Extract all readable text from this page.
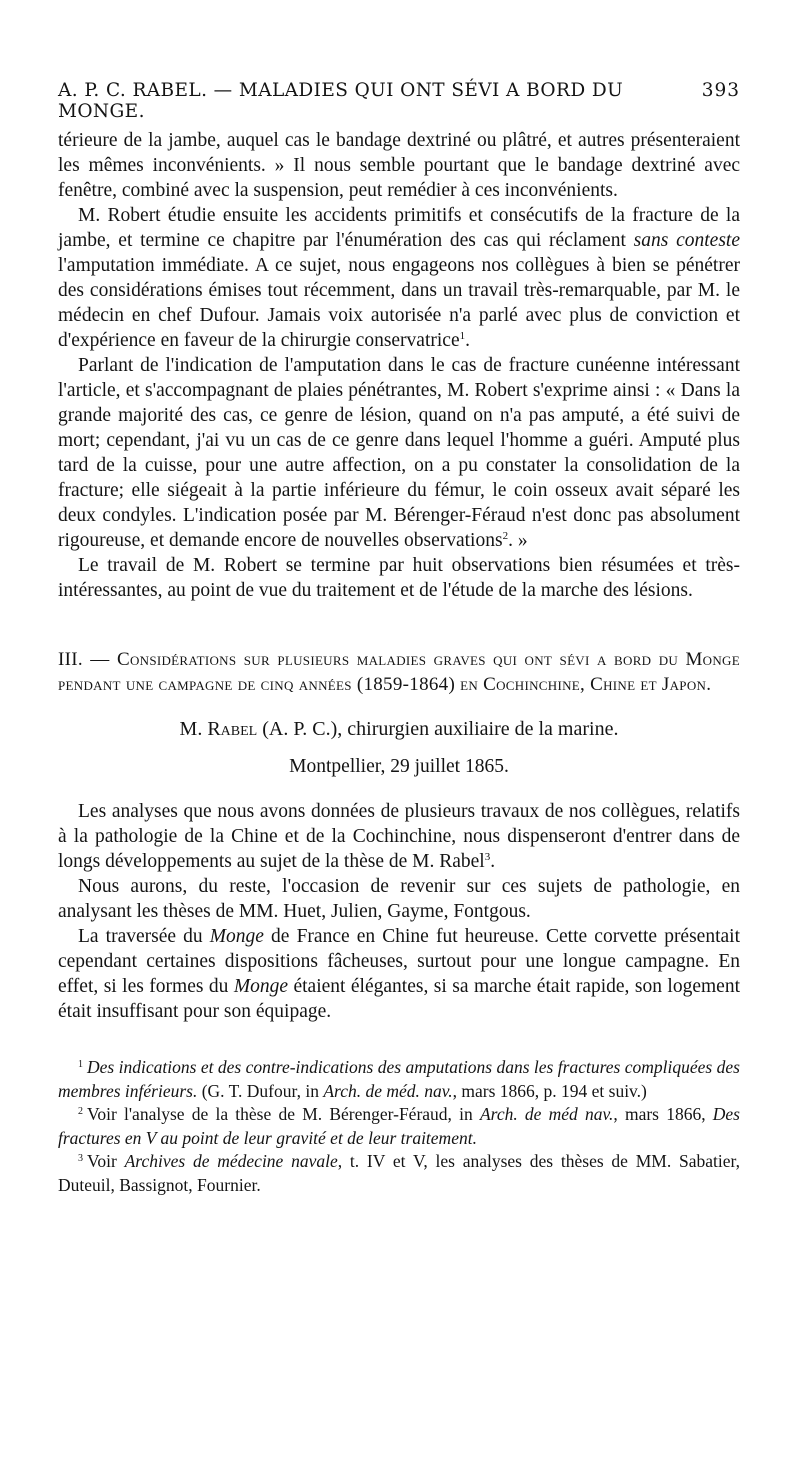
A. P. C. RABEL. — MALADIES QUI ONT SÉVI A BORD DU MONGE.
393

térieure de la jambe, auquel cas le bandage dextriné ou plâtré, et autres présenteraient les mêmes inconvénients. » Il nous semble pourtant que le bandage dextriné avec fenêtre, combiné avec la suspension, peut remédier à ces inconvénients.

M. Robert étudie ensuite les accidents primitifs et consécutifs de la fracture de la jambe, et termine ce chapitre par l'énumération des cas qui réclament sans conteste l'amputation immédiate. A ce sujet, nous engageons nos collègues à bien se pénétrer des considérations émises tout récemment, dans un travail très-remarquable, par M. le médecin en chef Dufour. Jamais voix autorisée n'a parlé avec plus de conviction et d'expérience en faveur de la chirurgie conservatrice$^1$.

Parlant de l'indication de l'amputation dans le cas de fracture cunéenne intéressant l'article, et s'accompagnant de plaies pénétrantes, M. Robert s'exprime ainsi : « Dans la grande majorité des cas, ce genre de lésion, quand on n'a pas amputé, a été suivi de mort; cependant, j'ai vu un cas de ce genre dans lequel l'homme a guéri. Amputé plus tard de la cuisse, pour une autre affection, on a pu constater la consolidation de la fracture; elle siégeait à la partie inférieure du fémur, le coin osseux avait séparé les deux condyles. L'indication posée par M. Bérenger-Féraud n'est donc pas absolument rigoureuse, et demande encore de nouvelles observations$^2$. »

Le travail de M. Robert se termine par huit observations bien résumées et très-intéressantes, au point de vue du traitement et de l'étude de la marche des lésions.

III. — Considérations sur plusieurs maladies graves qui ont sévi a bord du Monge pendant une campagne de cinq années (1859-1864) en Cochinchine, Chine et Japon.
M. Rabel (A. P. C.), chirurgien auxiliaire de la marine.
Montpellier, 29 juillet 1865.

Les analyses que nous avons données de plusieurs travaux de nos collègues, relatifs à la pathologie de la Chine et de la Cochinchine, nous dispenseront d'entrer dans de longs développements au sujet de la thèse de M. Rabel$^3$.

Nous aurons, du reste, l'occasion de revenir sur ces sujets de pathologie, en analysant les thèses de MM. Huet, Julien, Gayme, Fontgous.

La traversée du Monge de France en Chine fut heureuse. Cette corvette présentait cependant certaines dispositions fâcheuses, surtout pour une longue campagne. En effet, si les formes du Monge étaient élégantes, si sa marche était rapide, son logement était insuffisant pour son équipage.

$^1$ Des indications et des contre-indications des amputations dans les fractures compliquées des membres inférieurs. (G. T. Dufour, in Arch. de méd. nav., mars 1866, p. 194 et suiv.)

$^2$ Voir l'analyse de la thèse de M. Bérenger-Féraud, in Arch. de méd nav., mars 1866, Des fractures en V au point de leur gravité et de leur traitement.

$^3$ Voir Archives de médecine navale, t. IV et V, les analyses des thèses de MM. Sabatier, Duteuil, Bassignot, Fournier.
